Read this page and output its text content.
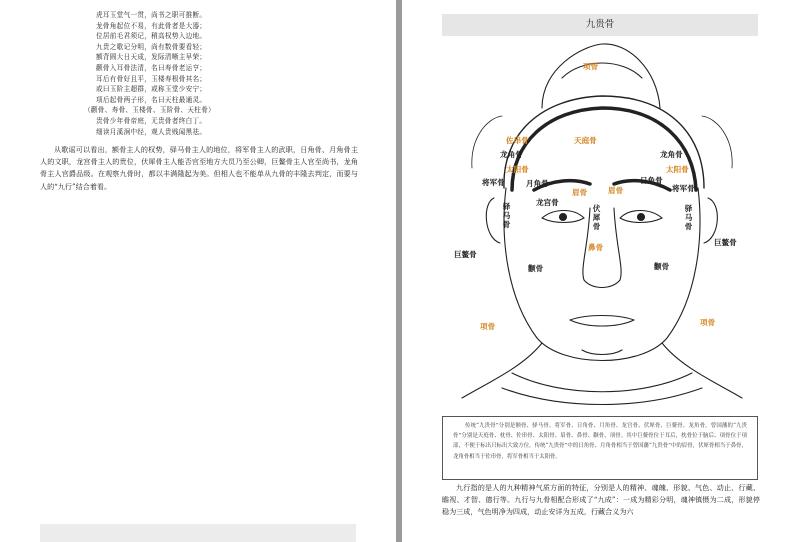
虎耳玉堂气一贯，尚书之职可推断。
龙骨角起位不易，有此骨者是大器；
位居前毛君须记，稍高权势入边地。
九贵之歌记分明，尚有数骨要看轻；
额背圆大日天成，发际清晰主早荣；
颧骨入耳骨法清，名曰寿骨老运亨；
耳后有骨好且平，玉楼寿根骨其名；
或曰玉阶主超群，或称玉堂少安宁；
项后起骨两子形，名曰天柱最通灵。
（颧骨、寿骨、玉楼骨、玉阶骨、天柱骨）
贵骨少年骨帝庭，无贵骨者终白丁。
细读月溪涧中经，观人贵贱闻黑祛。
从歌谣可以看出，额骨主人的权势，驿马骨主人的地位，将军骨主人的武职，日角骨、月角骨主人的文职，龙宫骨主人的贵位，伏犀骨主人能否官至地方大员乃至公卿，巨鳌骨主人官至尚书，龙角骨主人官爵品级。在观察九骨时，都以丰满隆起为美。但相人也不能单从九骨的丰隆去判定，而要与人的“九行”结合着看。
九贵骨
项骨
天庭骨
佐串骨
龙角骨	龙角骨
太阳骨	太阳骨
将军骨
将军骨
月角骨	日角骨
眉骨	眉骨
龙宫骨
伏犀骨
驿马骨
驿马骨
巨鳌骨
巨鳌骨
鼻骨
颧骨	颧骨
项骨	项骨
传统“九贵骨”分别是额骨、驿马骨、将军骨、日角骨、月角骨、龙宫骨、伏犀骨、巨鳌骨、龙角骨，曾国藩的“九贵骨”分别是天庭骨、枕骨、佐串骨、太阳骨、眉骨、鼻骨、颧骨、项骨。其中巨鳌骨位于耳后，枕骨位于脑后、项骨位于项部，不便于标出只标出大致方位。传统“九贵骨”中的日角骨、月角骨相当于曾国藩“九贵骨”中的眉骨，伏犀骨相当于鼻骨，龙角骨相当于佐串骨，将军骨相当于太阳骨。
九行指的是人的九种精神气质方面的特征，分别是人的精神、魂魄、形貌、气色、动止、行藏、瞻视、才智、德行等。九行与九骨相配合形成了“九成”：一成为精彩分明，魂神镇慑为二成，形貌停稳为三成，气色明净为四成，动止安详为五成，行藏合义为六
